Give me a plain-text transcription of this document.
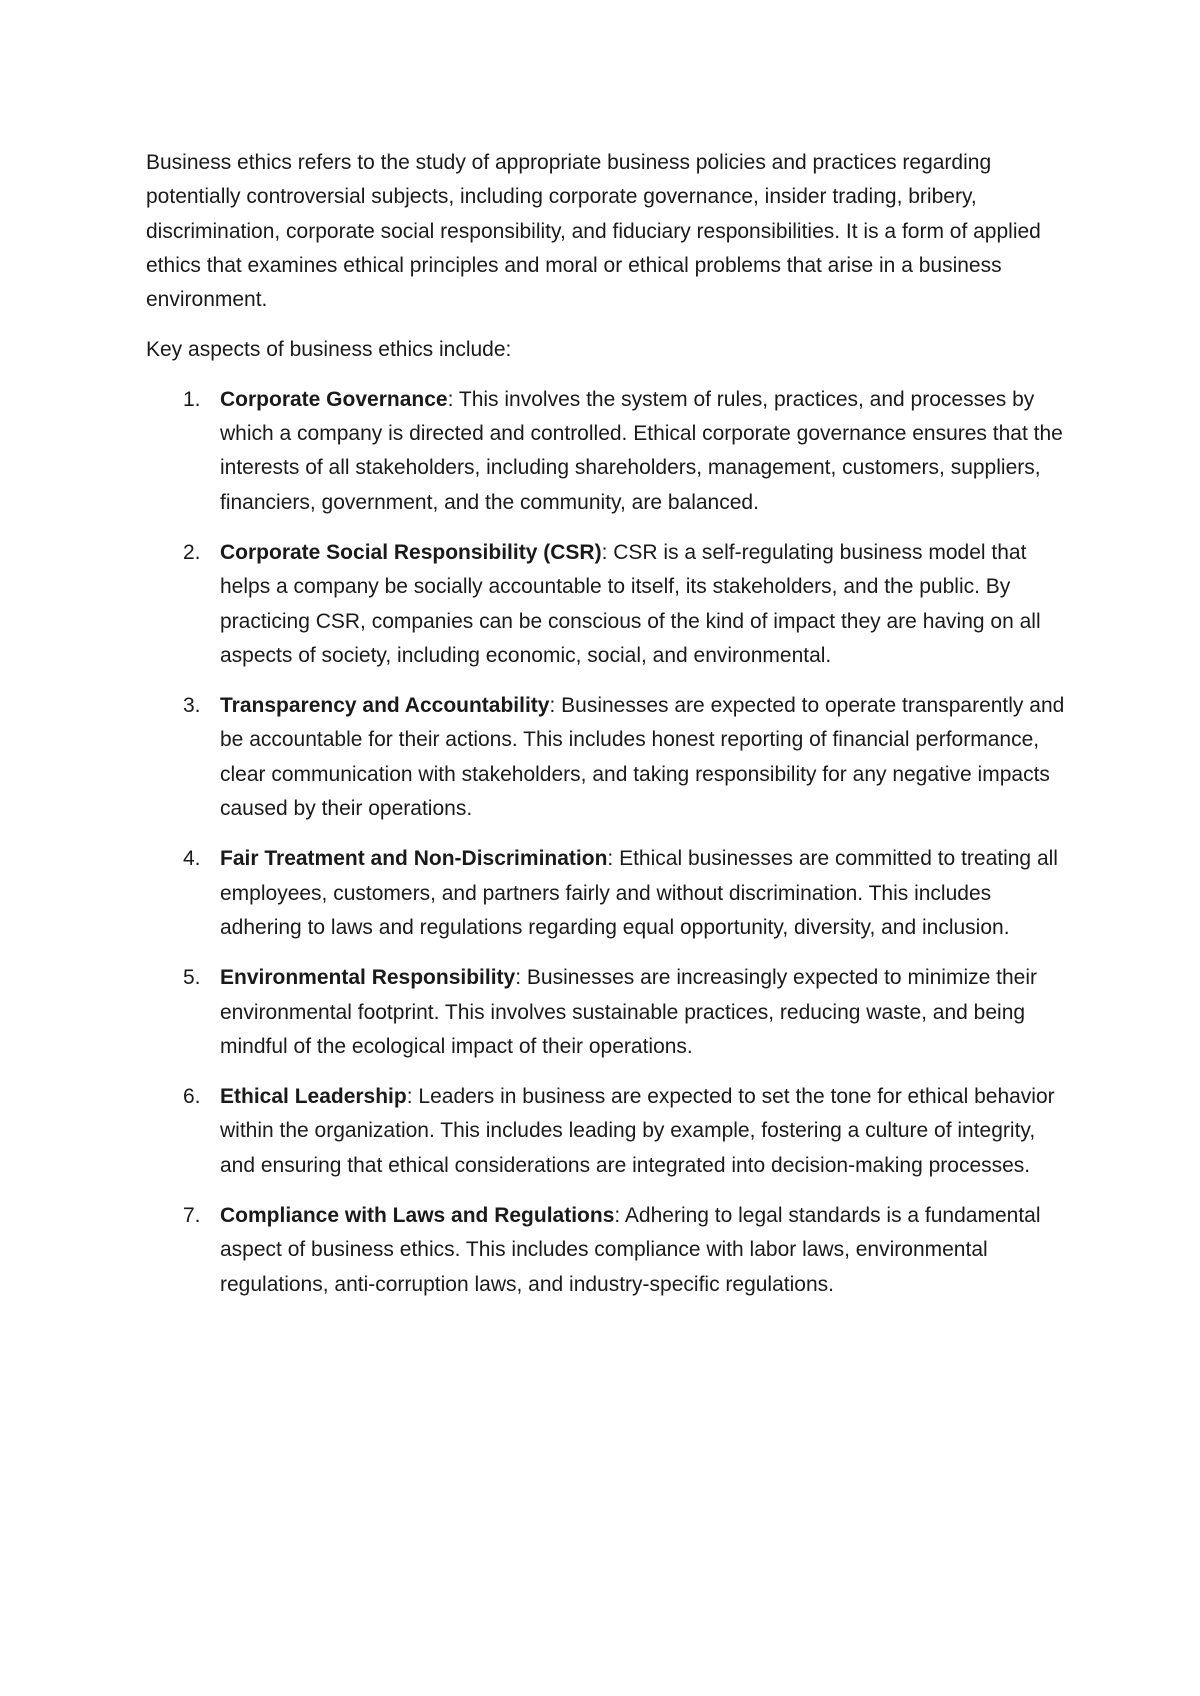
Business ethics refers to the study of appropriate business policies and practices regarding potentially controversial subjects, including corporate governance, insider trading, bribery, discrimination, corporate social responsibility, and fiduciary responsibilities. It is a form of applied ethics that examines ethical principles and moral or ethical problems that arise in a business environment.

Key aspects of business ethics include:

1. Corporate Governance: This involves the system of rules, practices, and processes by which a company is directed and controlled. Ethical corporate governance ensures that the interests of all stakeholders, including shareholders, management, customers, suppliers, financiers, government, and the community, are balanced.
2. Corporate Social Responsibility (CSR): CSR is a self-regulating business model that helps a company be socially accountable to itself, its stakeholders, and the public. By practicing CSR, companies can be conscious of the kind of impact they are having on all aspects of society, including economic, social, and environmental.
3. Transparency and Accountability: Businesses are expected to operate transparently and be accountable for their actions. This includes honest reporting of financial performance, clear communication with stakeholders, and taking responsibility for any negative impacts caused by their operations.
4. Fair Treatment and Non-Discrimination: Ethical businesses are committed to treating all employees, customers, and partners fairly and without discrimination. This includes adhering to laws and regulations regarding equal opportunity, diversity, and inclusion.
5. Environmental Responsibility: Businesses are increasingly expected to minimize their environmental footprint. This involves sustainable practices, reducing waste, and being mindful of the ecological impact of their operations.
6. Ethical Leadership: Leaders in business are expected to set the tone for ethical behavior within the organization. This includes leading by example, fostering a culture of integrity, and ensuring that ethical considerations are integrated into decision-making processes.
7. Compliance with Laws and Regulations: Adhering to legal standards is a fundamental aspect of business ethics. This includes compliance with labor laws, environmental regulations, anti-corruption laws, and industry-specific regulations.
